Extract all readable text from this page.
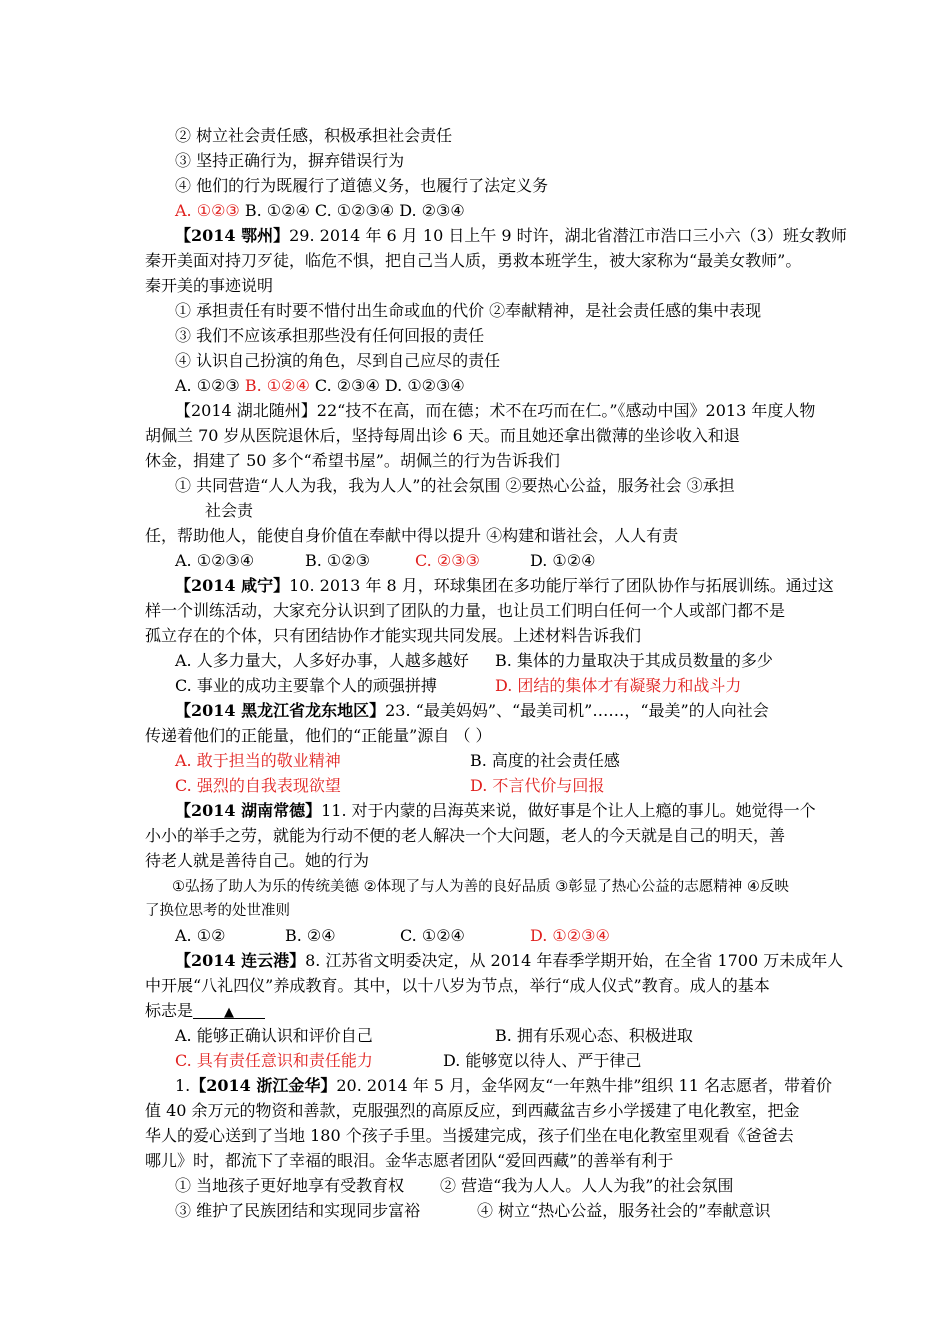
② 树立社会责任感，积极承担社会责任
③ 坚持正确行为，摒弃错误行为
④ 他们的行为既履行了道德义务，也履行了法定义务
A. ①②③ B. ①②④ C. ①②③④ D. ②③④
【2014 鄂州】29. 2014 年 6 月 10 日上午 9 时许，湖北省潜江市浩口三小六（3）班女教师
秦开美面对持刀歹徒，临危不惧，把自己当人质，勇救本班学生，被大家称为“最美女教师”。
秦开美的事迹说明
① 承担责任有时要不惜付出生命或血的代价 ②奉献精神，是社会责任感的集中表现
③ 我们不应该承担那些没有任何回报的责任
④ 认识自己扮演的角色，尽到自己应尽的责任
A. ①②③ B. ①②④ C. ②③④ D. ①②③④
【2014 湖北随州】22“技不在高，而在德；术不在巧而在仁。”《感动中国》2013 年度人物
胡佩兰 70 岁从医院退休后，坚持每周出诊 6 天。而且她还拿出微薄的坐诊收入和退
休金，捐建了 50 多个“希望书屋”。胡佩兰的行为告诉我们
① 共同营造“人人为我，我为人人”的社会氛围 ②要热心公益，服务社会 ③承担
社会责
任，帮助他人，能使自身价值在奉献中得以提升 ④构建和谐社会，人人有责
A. ①②③④	B. ①②③	C. ②③③	D. ①②④
【2014 咸宁】10. 2013 年 8 月，环球集团在多功能厅举行了团队协作与拓展训练。通过这
样一个训练活动，大家充分认识到了团队的力量，也让员工们明白任何一个人或部门都不是
孤立存在的个体，只有团结协作才能实现共同发展。上述材料告诉我们
A. 人多力量大，人多好办事，人越多越好 B. 集体的力量取决于其成员数量的多少
C. 事业的成功主要靠个人的顽强拼搏	D. 团结的集体才有凝聚力和战斗力
【2014 黑龙江省龙东地区】23. “最美妈妈”、“最美司机”……，“最美”的人向社会
传递着他们的正能量，他们的“正能量”源自 （ ）
A. 敢于担当的敬业精神	B. 高度的社会责任感
C. 强烈的自我表现欲望	D. 不言代价与回报
【2014 湖南常德】11. 对于内蒙的吕海英来说，做好事是个让人上瘾的事儿。她觉得一个
小小的举手之劳，就能为行动不便的老人解决一个大问题，老人的今天就是自己的明天，善
待老人就是善待自己。她的行为
①弘扬了助人为乐的传统美德 ②体现了与人为善的良好品质 ③彰显了热心公益的志愿精神 ④反映
了换位思考的处世准则
A. ①②	B. ②④	C. ①②④	D. ①②③④
【2014 连云港】8. 江苏省文明委决定，从 2014 年春季学期开始，在全省 1700 万未成年人
中开展“八礼四仪”养成教育。其中，以十八岁为节点，举行“成人仪式”教育。成人的基本
标志是 ▲
A. 能够正确认识和评价自己	B. 拥有乐观心态、积极进取
C. 具有责任意识和责任能力	D. 能够宽以待人、严于律己
1.【2014 浙江金华】20. 2014 年 5 月，金华网友“一年熟牛排”组织 11 名志愿者，带着价
值 40 余万元的物资和善款，克服强烈的高原反应，到西藏盆吉乡小学援建了电化教室，把金
华人的爱心送到了当地 180 个孩子手里。当援建完成，孩子们坐在电化教室里观看《爸爸去
哪儿》时，都流下了幸福的眼泪。金华志愿者团队“爱回西藏”的善举有利于
① 当地孩子更好地享有受教育权 ② 营造“我为人人。人人为我”的社会氛围
③ 维护了民族团结和实现同步富裕	④ 树立“热心公益，服务社会的”奉献意识
